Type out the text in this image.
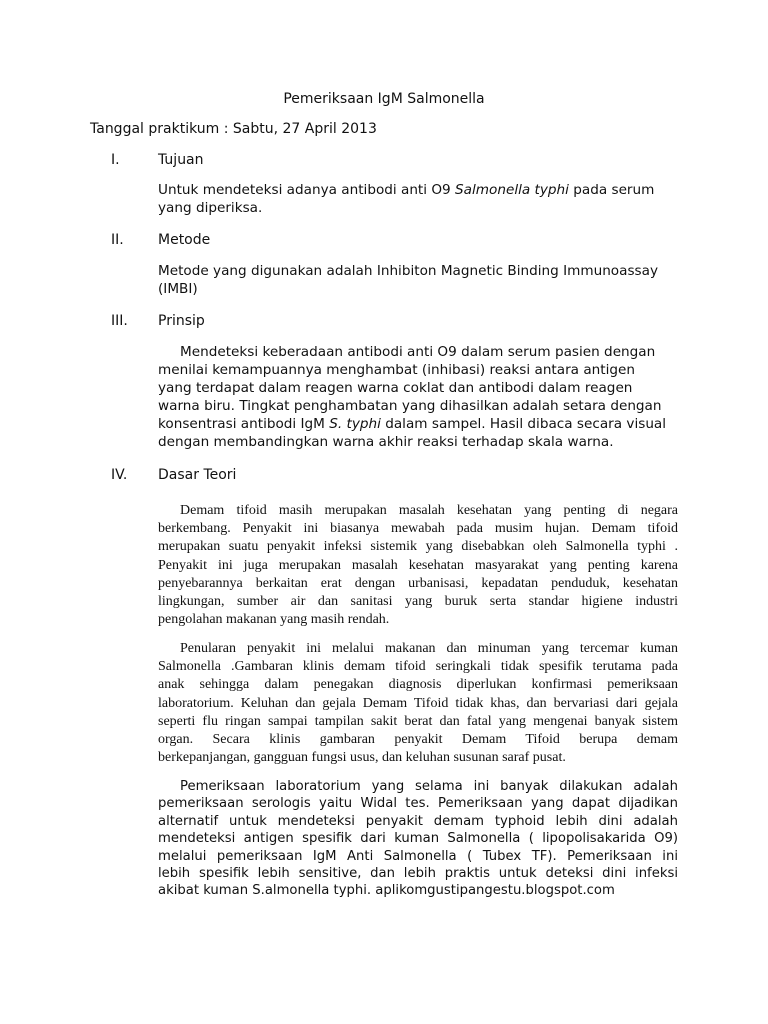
Pemeriksaan IgM Salmonella
Tanggal praktikum : Sabtu, 27 April 2013
I.	Tujuan
Untuk mendeteksi adanya antibodi anti O9 Salmonella typhi pada serum
yang diperiksa.
II. Metode
Metode yang digunakan adalah Inhibiton Magnetic Binding Immunoassay
(IMBI)
III. Prinsip
Mendeteksi keberadaan antibodi anti O9 dalam serum pasien dengan
menilai kemampuannya menghambat (inhibasi) reaksi antara antigen
yang terdapat dalam reagen warna coklat dan antibodi dalam reagen
warna biru. Tingkat penghambatan yang dihasilkan adalah setara dengan
konsentrasi antibodi IgM S. typhi dalam sampel. Hasil dibaca secara visual
dengan membandingkan warna akhir reaksi terhadap skala warna.
IV. Dasar Teori
Demam tifoid masih merupakan masalah kesehatan yang penting di negara
berkembang. Penyakit ini biasanya mewabah pada musim hujan. Demam tifoid
merupakan suatu penyakit infeksi sistemik yang disebabkan oleh Salmonella typhi .
Penyakit ini juga merupakan masalah kesehatan masyarakat yang penting karena
penyebarannya berkaitan erat dengan urbanisasi, kepadatan penduduk, kesehatan
lingkungan, sumber air dan sanitasi yang buruk serta standar higiene industri
pengolahan makanan yang masih rendah.
Penularan penyakit ini melalui makanan dan minuman yang tercemar kuman
Salmonella .Gambaran klinis demam tifoid seringkali tidak spesifik terutama pada
anak sehingga dalam penegakan diagnosis diperlukan konfirmasi pemeriksaan
laboratorium. Keluhan dan gejala Demam Tifoid tidak khas, dan bervariasi dari gejala
seperti flu ringan sampai tampilan sakit berat dan fatal yang mengenai banyak sistem
organ. Secara klinis gambaran penyakit Demam Tifoid berupa demam
berkepanjangan, gangguan fungsi usus, dan keluhan susunan saraf pusat.
Pemeriksaan laboratorium yang selama ini banyak dilakukan adalah
pemeriksaan serologis yaitu Widal tes. Pemeriksaan yang dapat dijadikan
alternatif untuk mendeteksi penyakit demam typhoid lebih dini adalah
mendeteksi antigen spesifik dari kuman Salmonella ( lipopolisakarida O9)
melalui pemeriksaan IgM Anti Salmonella ( Tubex TF). Pemeriksaan ini
lebih spesifik lebih sensitive, dan lebih praktis untuk deteksi dini infeksi
akibat kuman S.almonella typhi. aplikomgustipangestu.blogspot.com
